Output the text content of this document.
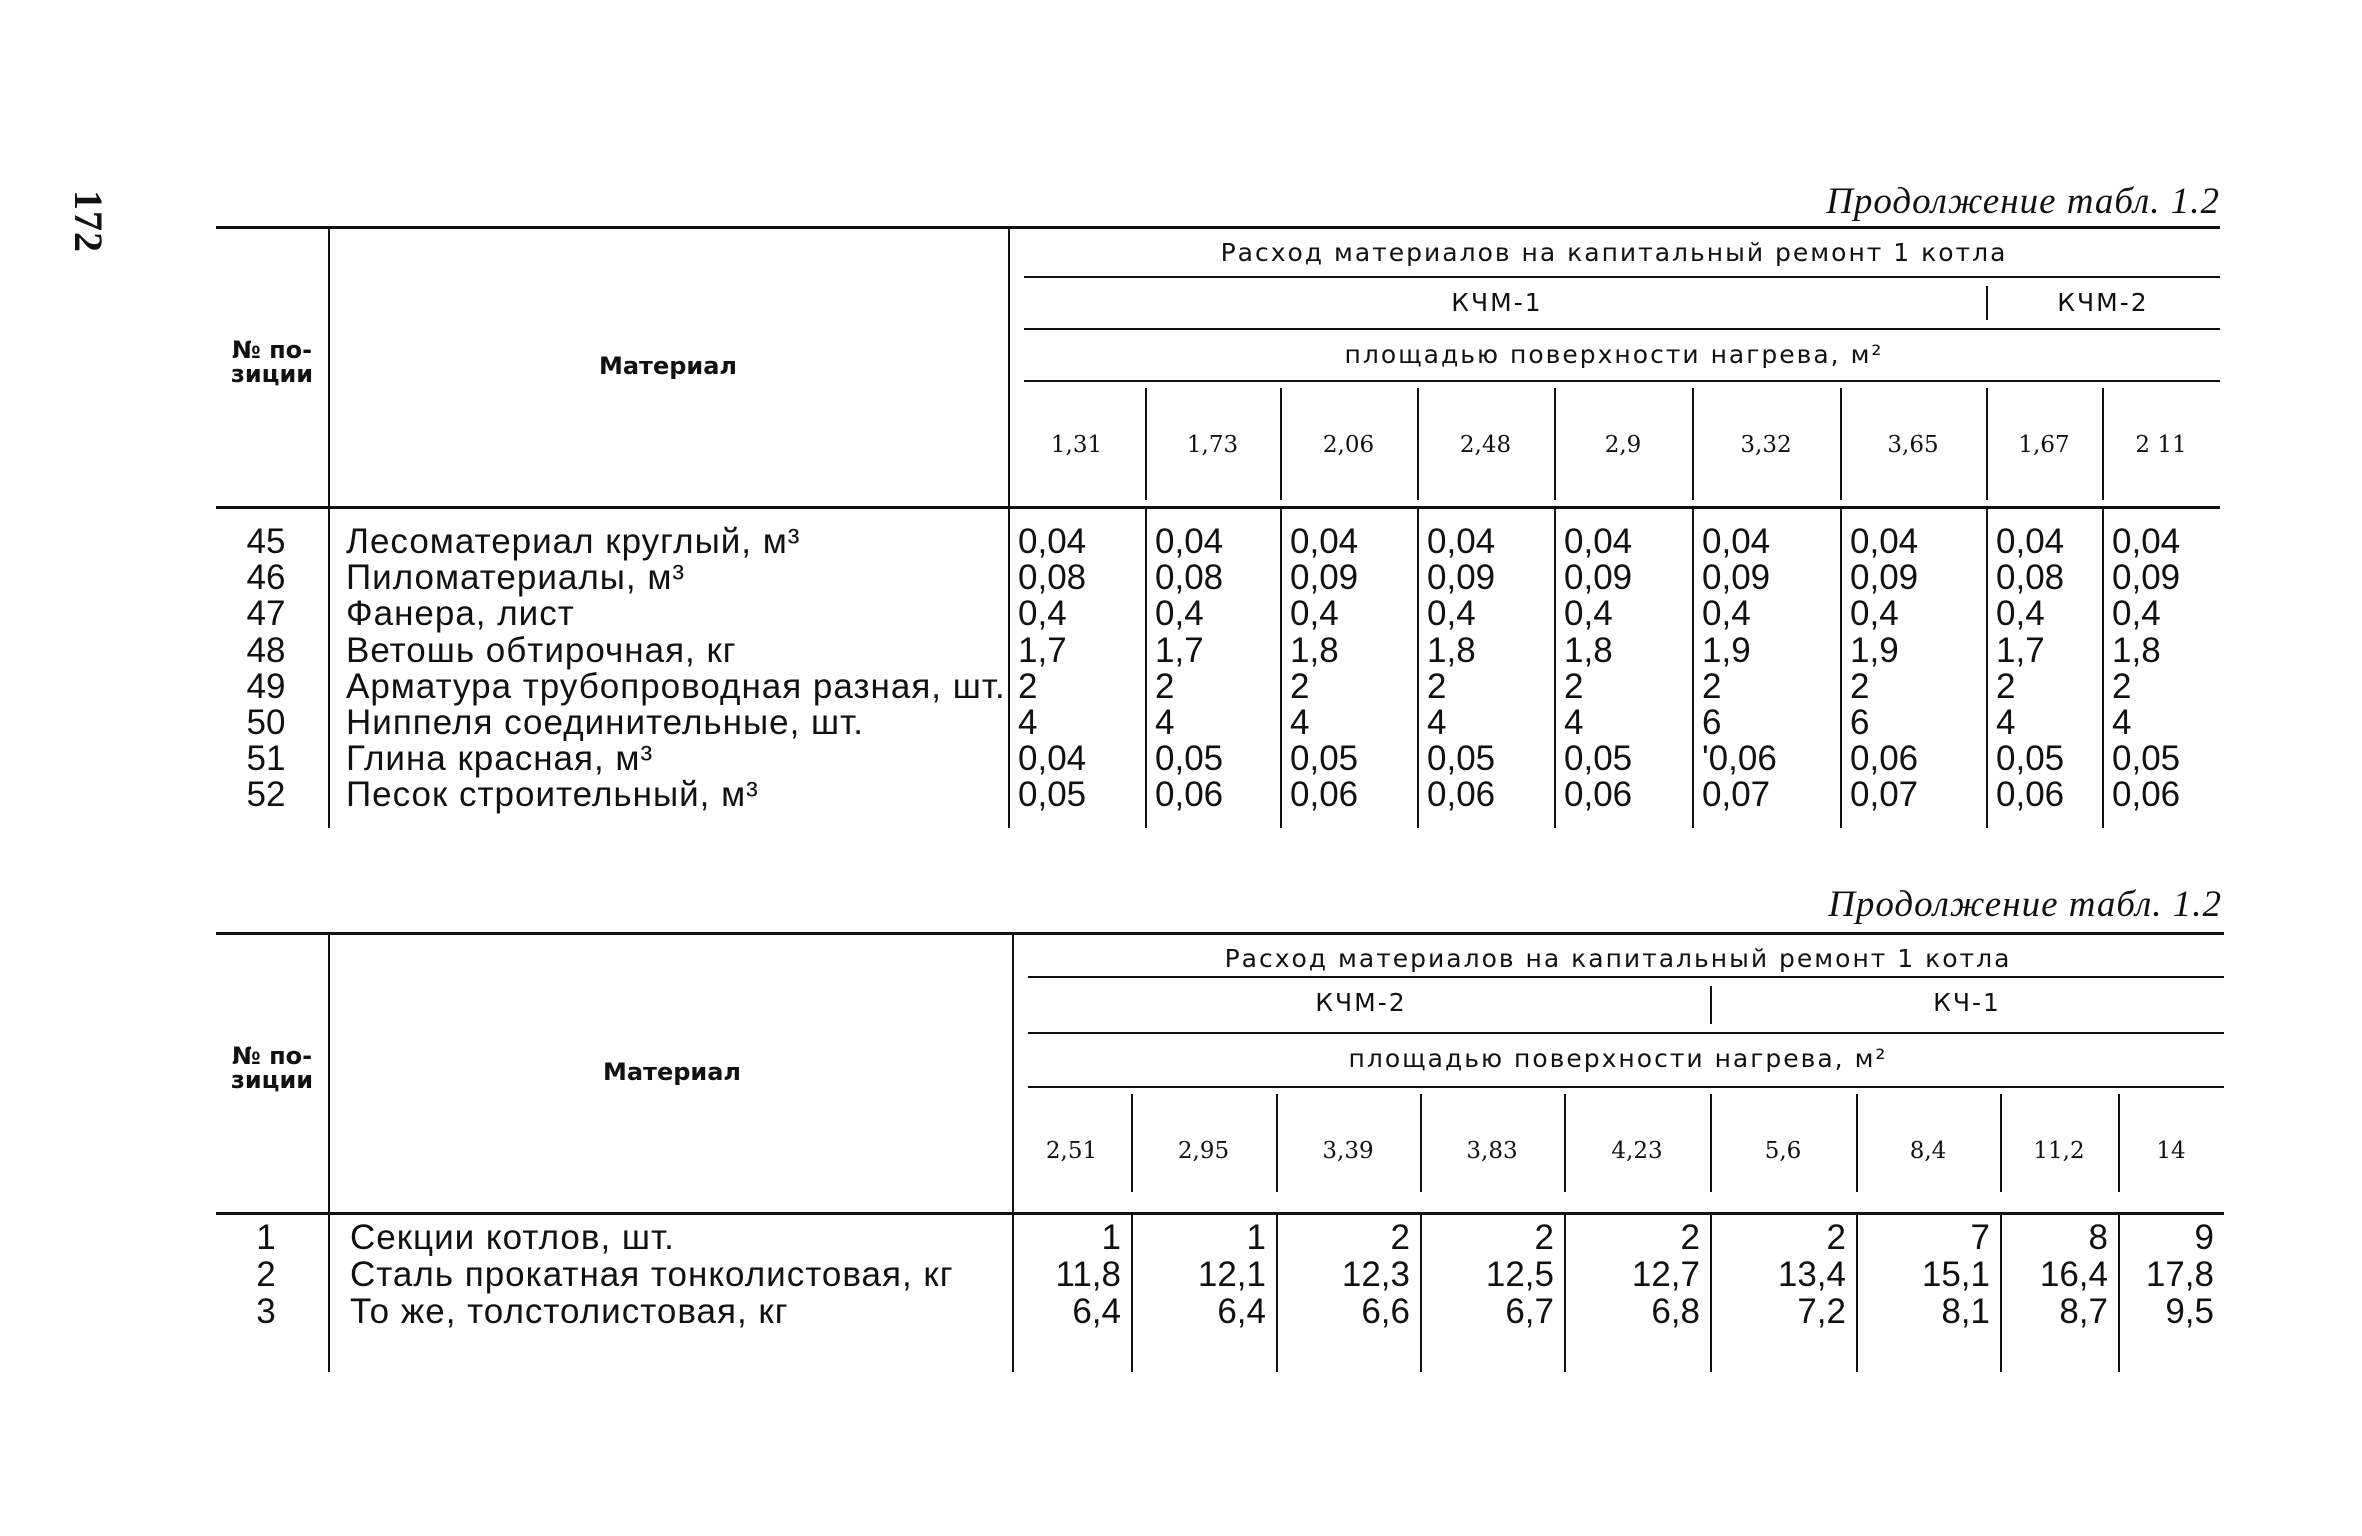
172	Продолжение табл. 1.2
Продолжение табл. 1.2
№ по-
зиции	Материал
Расход материалов на капитальный ремонт 1 котла
КЧМ-1	КЧМ-2
площадью поверхности нагрева, м²
1,31	1,73	2,06	2,48	2,9	3,32	3,65	1,67	2 11
45	Лесоматериал круглый, м³	0,04	0,04	0,04	0,04	0,04	0,04	0,04	0,04	0,04
46	Пиломатериалы, м³	0,08	0,08	0,09	0,09	0,09	0,09	0,09	0,08	0,09
47	Фанера, лист	0,4	0,4	0,4	0,4	0,4	0,4	0,4	0,4	0,4
48	Ветошь обтирочная, кг	1,7	1,7	1,8	1,8	1,8	1,9	1,9	1,7	1,8
49	Арматура трубопроводная разная, шт. 2	2	2	2	2	2	2	2	2
50	Ниппеля соединительные, шт.	4	4	4	4	4	6	6	4	4
51	Глина красная, м³	0,04	0,05	0,05	0,05	0,05	'0,06	0,06	0,05	0,05
52	Песок строительный, м³	0,05	0,06	0,06	0,06	0,06	0,07	0,07	0,06	0,06
№ по-
зиции	Материал
Расход материалов на капитальный ремонт 1 котла
КЧМ-2	КЧ-1
площадью поверхности нагрева, м²
2,51	2,95	3,39	3,83	4,23	5,6	8,4	11,2	14
1	Секции котлов, шт.	1	1	2	2	2	2	7	8	9
2	Сталь прокатная тонколистовая, кг	11,8	12,1	12,3	12,5	12,7	13,4	15,1	16,4	17,8
3	То же, толстолистовая, кг	6,4	6,4	6,6	6,7	6,8	7,2	8,1	8,7	9,5
